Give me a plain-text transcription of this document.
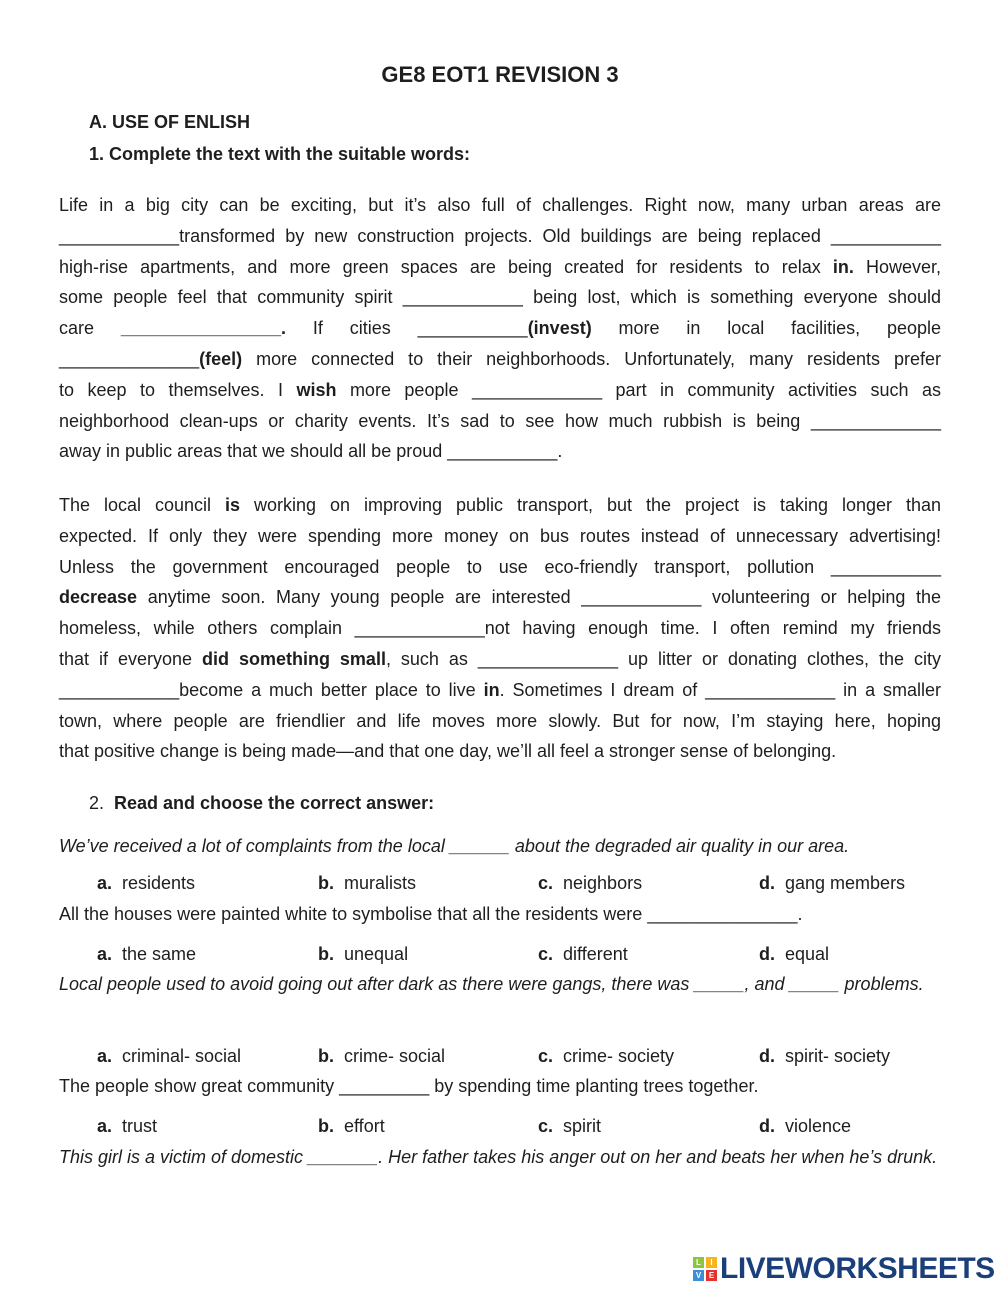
GE8 EOT1 REVISION 3
A. USE OF ENLISH
1. Complete the text with the suitable words:
Life in a big city can be exciting, but it’s also full of challenges. Right now, many urban areas are
____________transformed by new construction projects. Old buildings are being replaced ___________
high-rise apartments, and more green spaces are being created for residents to relax in. However,
some people feel that community spirit ____________ being lost, which is something everyone should
care  ________________.  If  cities  ___________(invest)  more  in  local  facilities,  people
______________(feel) more connected to their neighborhoods. Unfortunately, many residents prefer
to keep to themselves. I wish more people _____________ part in community activities such as
neighborhood clean-ups or charity events. It’s sad to see how much rubbish is being _____________
away in public areas that we should all be proud ___________.
The local council is working on improving public transport, but the project is taking longer than
expected. If only they were spending more money on bus routes instead of unnecessary advertising!
Unless the government encouraged people to use eco-friendly transport, pollution ___________
decrease anytime soon. Many young people are interested ____________ volunteering or helping the
homeless, while others complain _____________not having enough time. I often remind my friends
that if everyone did something small, such as ______________ up litter or donating clothes, the city
____________become a much better place to live in. Sometimes I dream of _____________ in a smaller
town, where people are friendlier and life moves more slowly. But for now, I’m staying here, hoping
that positive change is being made—and that one day, we’ll all feel a stronger sense of belonging.
2. Read and choose the correct answer:
We’ve received a lot of complaints from the local ______ about the degraded air quality in our area.
a. residents	b. muralists	c. neighbors	d. gang members
All the houses were painted white to symbolise that all the residents were _______________.
a. the same	b. unequal	c. different	d. equal
Local people used to avoid going out after dark as there were gangs, there was _____, and _____ problems.
a. criminal- social	b. crime- social	c. crime- society	d. spirit- society
The people show great community _________ by spending time planting trees together.
a. trust	b. effort	c. spirit	d. violence
This girl is a victim of domestic _______. Her father takes his anger out on her and beats her when he’s drunk.
L	I
V E LIVEWORKSHEETS
